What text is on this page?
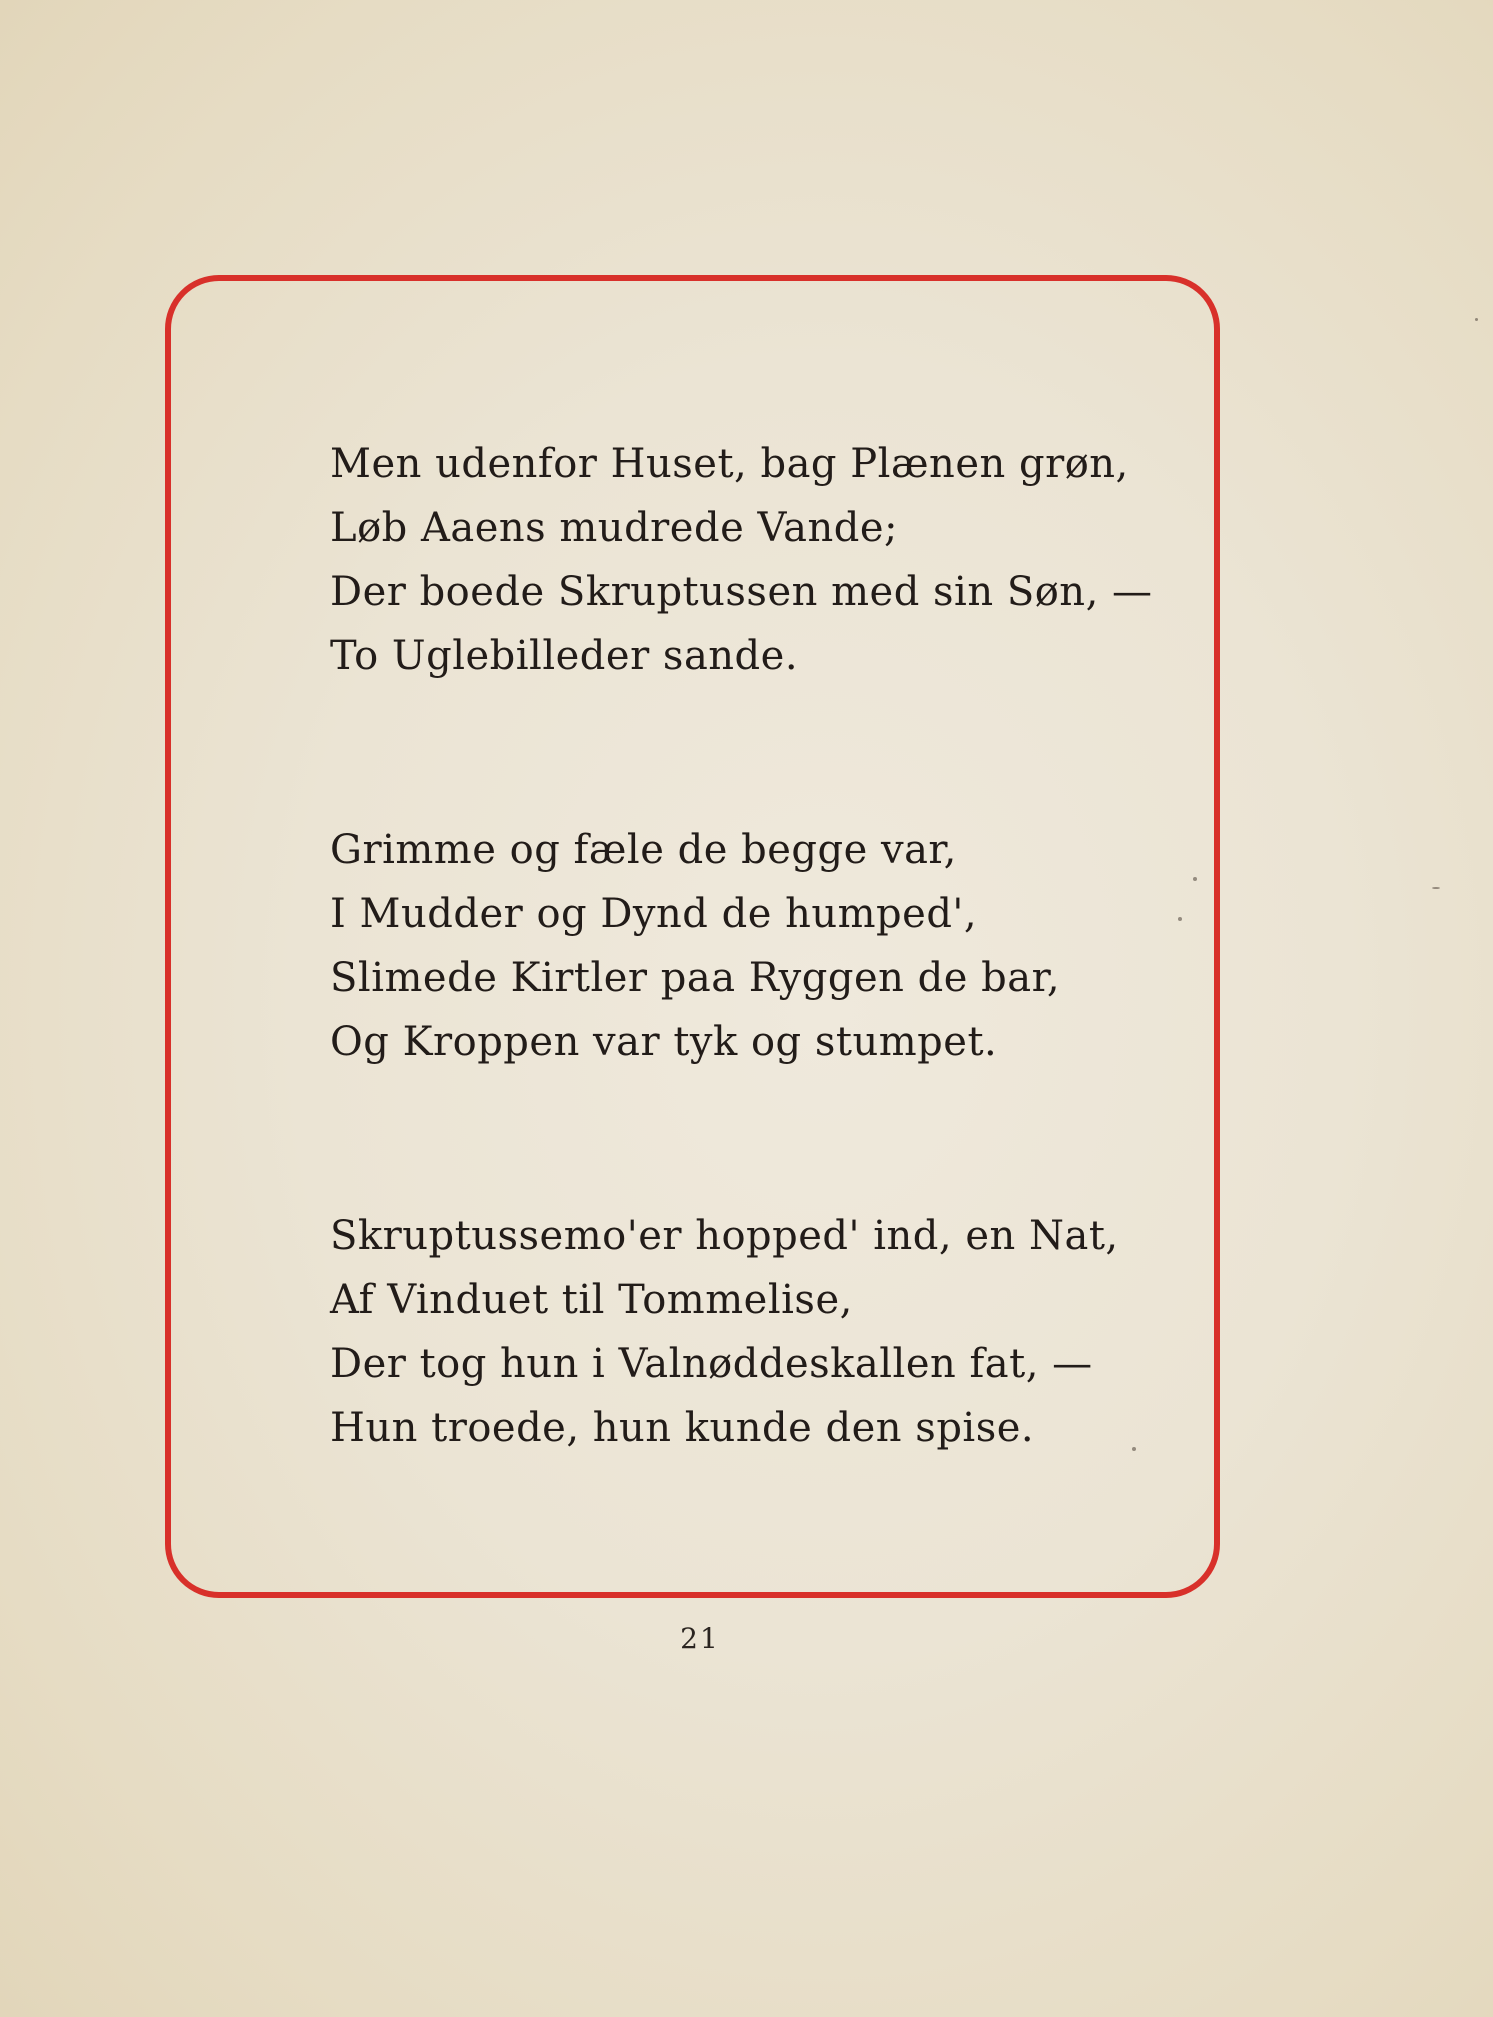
Men udenfor Huset, bag Plænen grøn,
Løb Aaens mudrede Vande;
Der boede Skruptussen med sin Søn, —
To Uglebilleder sande.
Grimme og fæle de begge var,
I Mudder og Dynd de humped',
Slimede Kirtler paa Ryggen de bar,
Og Kroppen var tyk og stumpet.
Skruptussemo'er hopped' ind, en Nat,
Af Vinduet til Tommelise,
Der tog hun i Valnøddeskallen fat, —
Hun troede, hun kunde den spise.
21
